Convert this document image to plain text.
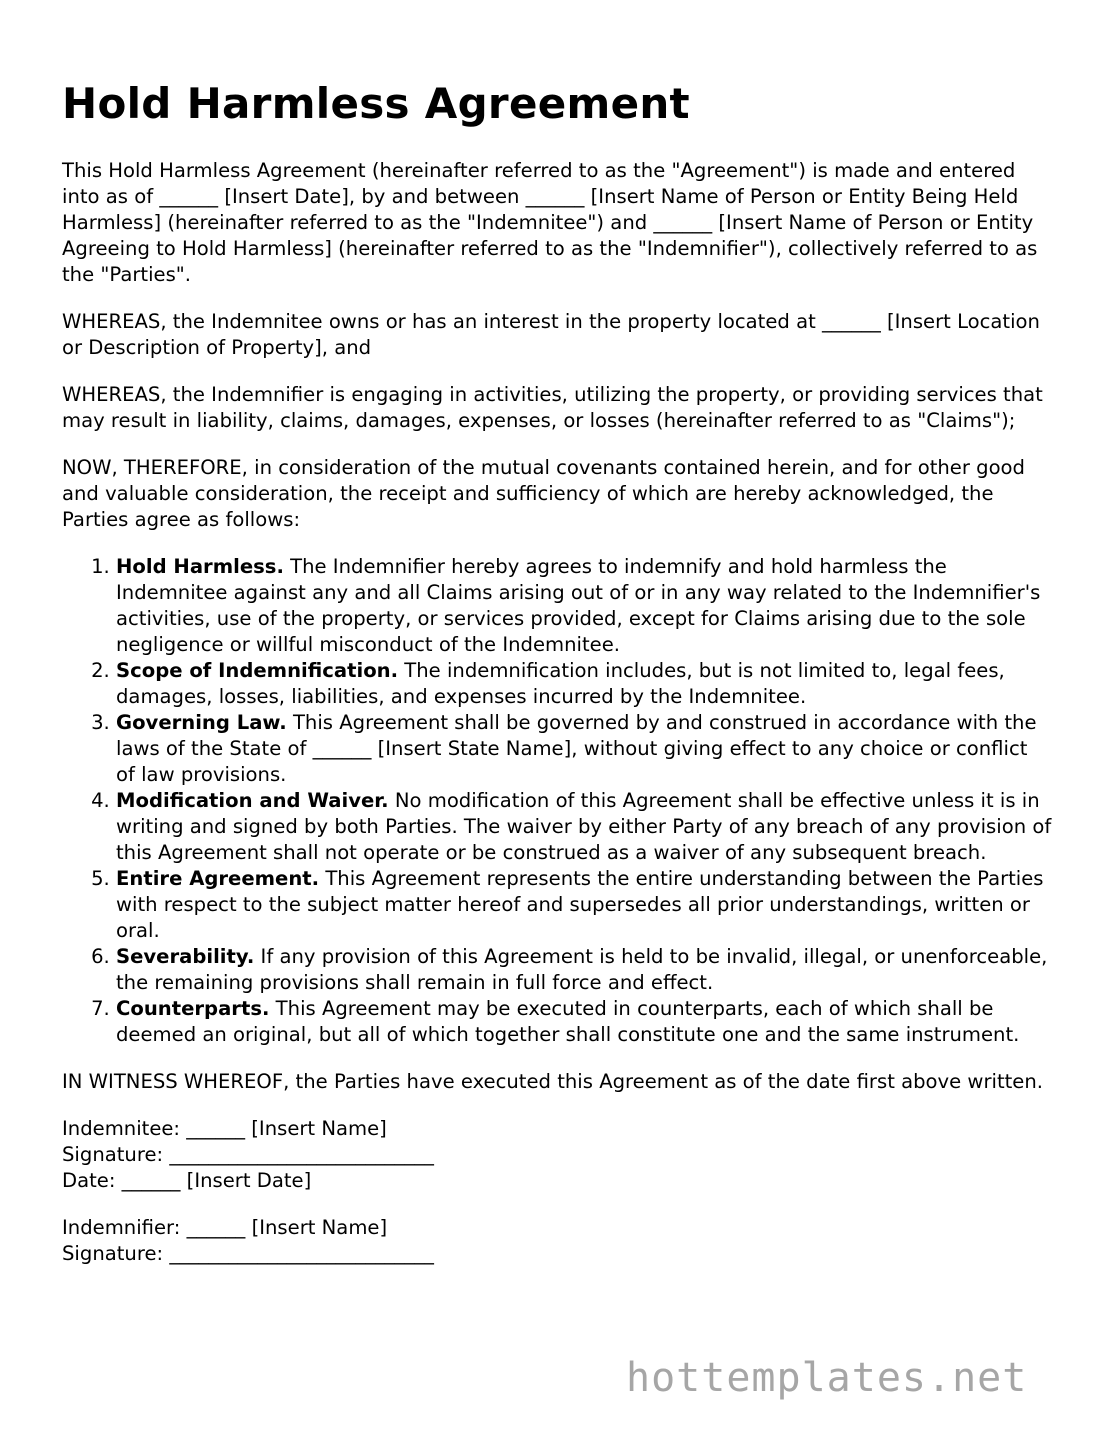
Hold Harmless Agreement

This Hold Harmless Agreement (hereinafter referred to as the "Agreement") is made and entered into as of ______ [Insert Date], by and between ______ [Insert Name of Person or Entity Being Held Harmless] (hereinafter referred to as the "Indemnitee") and ______ [Insert Name of Person or Entity Agreeing to Hold Harmless] (hereinafter referred to as the "Indemnifier"), collectively referred to as the "Parties".

WHEREAS, the Indemnitee owns or has an interest in the property located at ______ [Insert Location or Description of Property], and

WHEREAS, the Indemnifier is engaging in activities, utilizing the property, or providing services that may result in liability, claims, damages, expenses, or losses (hereinafter referred to as "Claims");

NOW, THEREFORE, in consideration of the mutual covenants contained herein, and for other good and valuable consideration, the receipt and sufficiency of which are hereby acknowledged, the Parties agree as follows:

1. Hold Harmless. The Indemnifier hereby agrees to indemnify and hold harmless the Indemnitee against any and all Claims arising out of or in any way related to the Indemnifier's activities, use of the property, or services provided, except for Claims arising due to the sole negligence or willful misconduct of the Indemnitee.
2. Scope of Indemnification. The indemnification includes, but is not limited to, legal fees, damages, losses, liabilities, and expenses incurred by the Indemnitee.
3. Governing Law. This Agreement shall be governed by and construed in accordance with the laws of the State of ______ [Insert State Name], without giving effect to any choice or conflict of law provisions.
4. Modification and Waiver. No modification of this Agreement shall be effective unless it is in writing and signed by both Parties. The waiver by either Party of any breach of any provision of this Agreement shall not operate or be construed as a waiver of any subsequent breach.
5. Entire Agreement. This Agreement represents the entire understanding between the Parties with respect to the subject matter hereof and supersedes all prior understandings, written or oral.
6. Severability. If any provision of this Agreement is held to be invalid, illegal, or unenforceable, the remaining provisions shall remain in full force and effect.
7. Counterparts. This Agreement may be executed in counterparts, each of which shall be deemed an original, but all of which together shall constitute one and the same instrument.

IN WITNESS WHEREOF, the Parties have executed this Agreement as of the date first above written.

Indemnitee: ______ [Insert Name]
Signature: ___________________________
Date: ______ [Insert Date]
Indemnifier: ______ [Insert Name]
Signature: ___________________________
hottemplates.net
